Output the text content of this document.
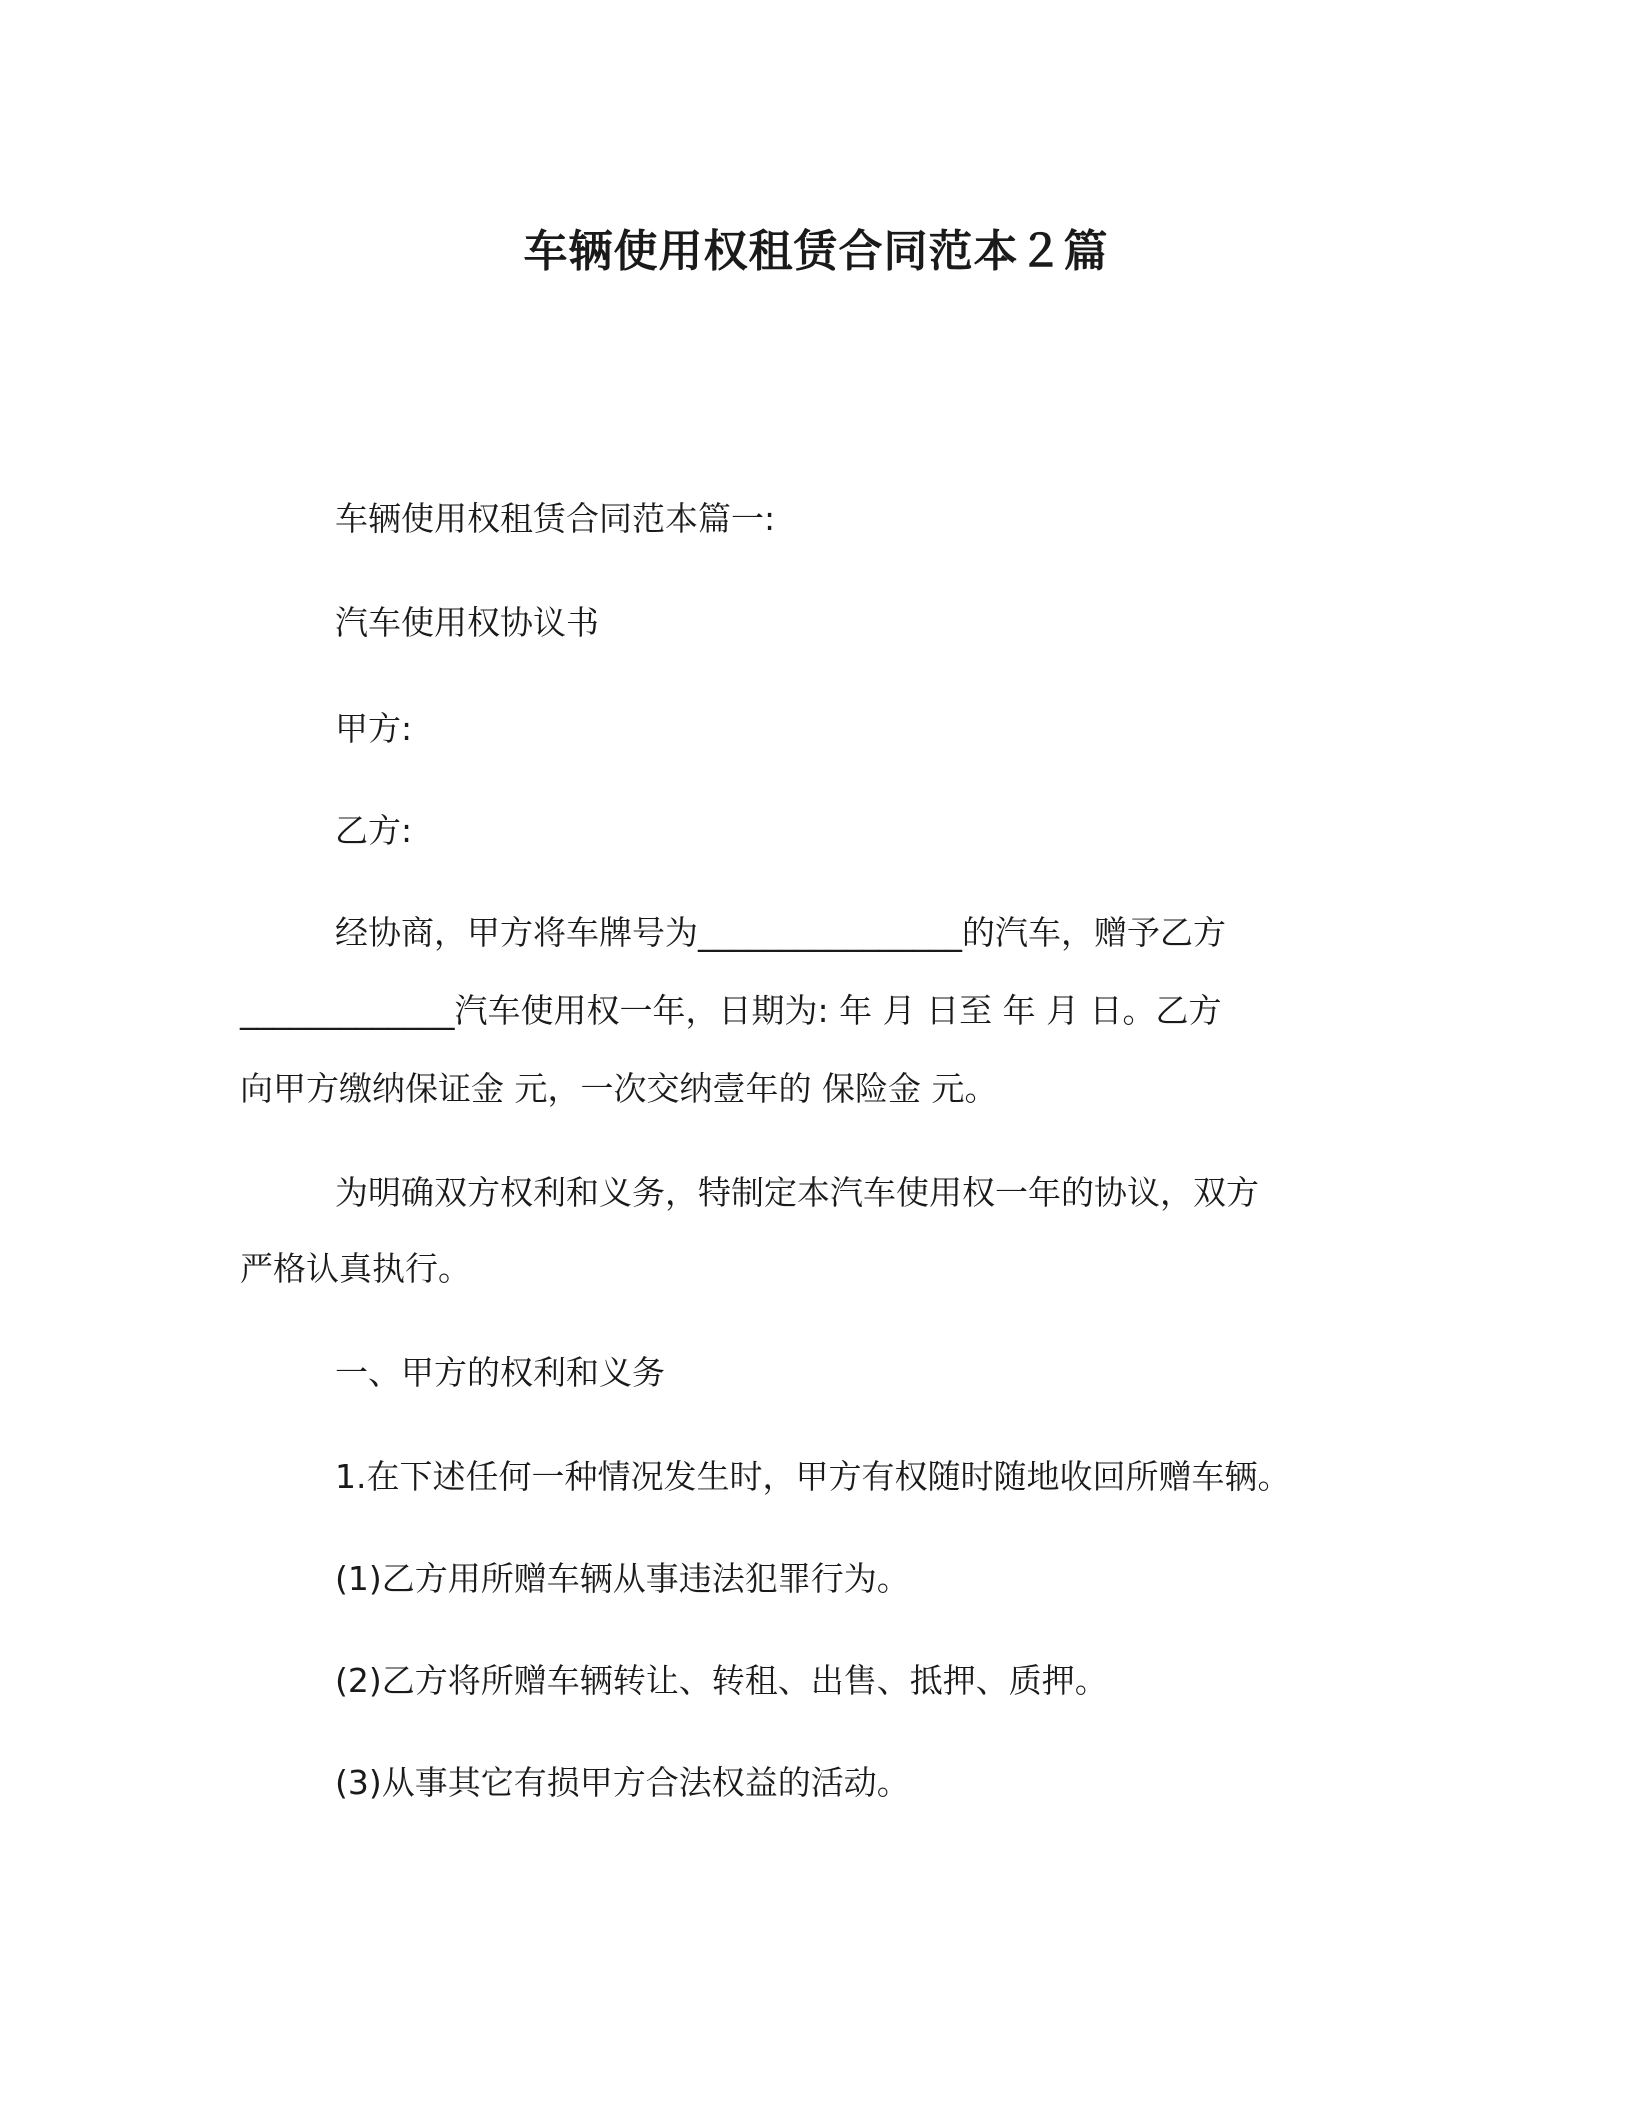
车辆使用权租赁合同范本２篇
车辆使用权租赁合同范本篇一:
汽车使用权协议书
甲方:
乙方:
经协商，甲方将车牌号为________________的汽车，赠予乙方
_____________汽车使用权一年，日期为: 年 月 日至 年 月 日。乙方
向甲方缴纳保证金 元，一次交纳壹年的 保险金 元。
为明确双方权利和义务，特制定本汽车使用权一年的协议，双方
严格认真执行。
一、甲方的权利和义务
1.在下述任何一种情况发生时，甲方有权随时随地收回所赠车辆。
(1)乙方用所赠车辆从事违法犯罪行为。
(2)乙方将所赠车辆转让、转租、出售、抵押、质押。
(3)从事其它有损甲方合法权益的活动。
